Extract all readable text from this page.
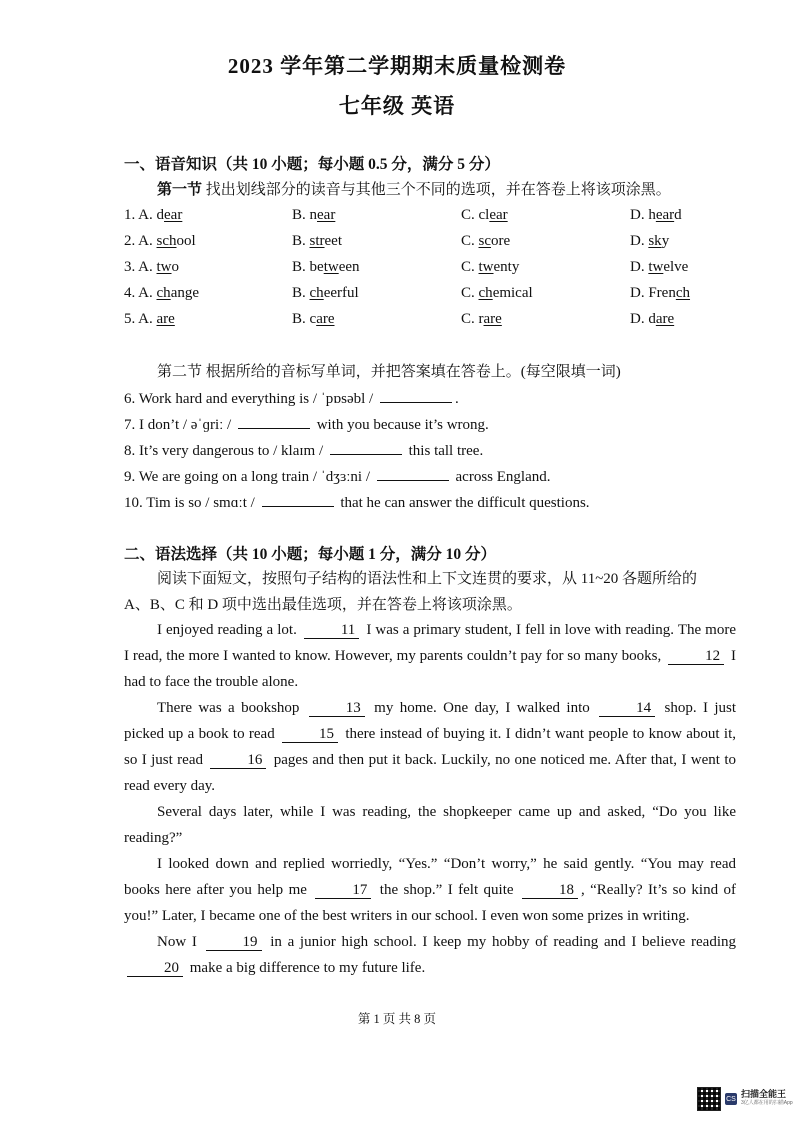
2023 学年第二学期期末质量检测卷
七年级 英语
一、语音知识（共 10 小题；每小题 0.5 分，满分 5 分）
第一节 找出划线部分的读音与其他三个不同的选项，并在答卷上将该项涂黑。
1. A. dear	B. near	C. clear	D. heard
2. A. school	B. street	C. score	D. sky
3. A. two	B. between	C. twenty	D. twelve
4. A. change	B. cheerful	C. chemical	D. French
5. A. are	B. care	C. rare	D. dare
第二节 根据所给的音标写单词，并把答案填在答卷上。(每空限填一词)
6. Work hard and everything is / ˈpɒsəbl /	.
7. I don’t / əˈɡriː /	with you because it’s wrong.
8. It’s very dangerous to / klaɪm /	this tall tree.
9. We are going on a long train / ˈdʒɜːni /	across England.
10. Tim is so / smɑːt /	that he can answer the difficult questions.
二、语法选择（共 10 小题；每小题 1 分，满分 10 分）
阅读下面短文，按照句子结构的语法性和上下文连贯的要求，从 11~20 各题所给的
A、B、C 和 D 项中选出最佳选项，并在答卷上将该项涂黑。
I enjoyed reading a lot.	11 I was a primary student, I fell in love with reading. The more I read, the more I wanted to know. However, my parents couldn’t pay for so many books,	12 I had to face the trouble alone.
There was a bookshop	13 my home. One day, I walked into	14 shop. I just picked up a book to read	15 there instead of buying it. I didn’t want people to know about it, so I just read	16 pages and then put it back. Luckily, no one noticed me. After that, I went to read every day.
Several days later, while I was reading, the shopkeeper came up and asked, “Do you like reading?”
I looked down and replied worriedly, “Yes.” “Don’t worry,” he said gently. “You may read books here after you help me	17 the shop.” I felt quite	18 , “Really? It’s so kind of you!” Later, I became one of the best writers in our school. I even won some prizes in writing.
Now I	19 in a junior high school. I keep my hobby of reading and I believe reading 20 make a big difference to my future life.
第 1 页 共 8 页
CS 扫描全能王
3亿人都在用的扫描App
